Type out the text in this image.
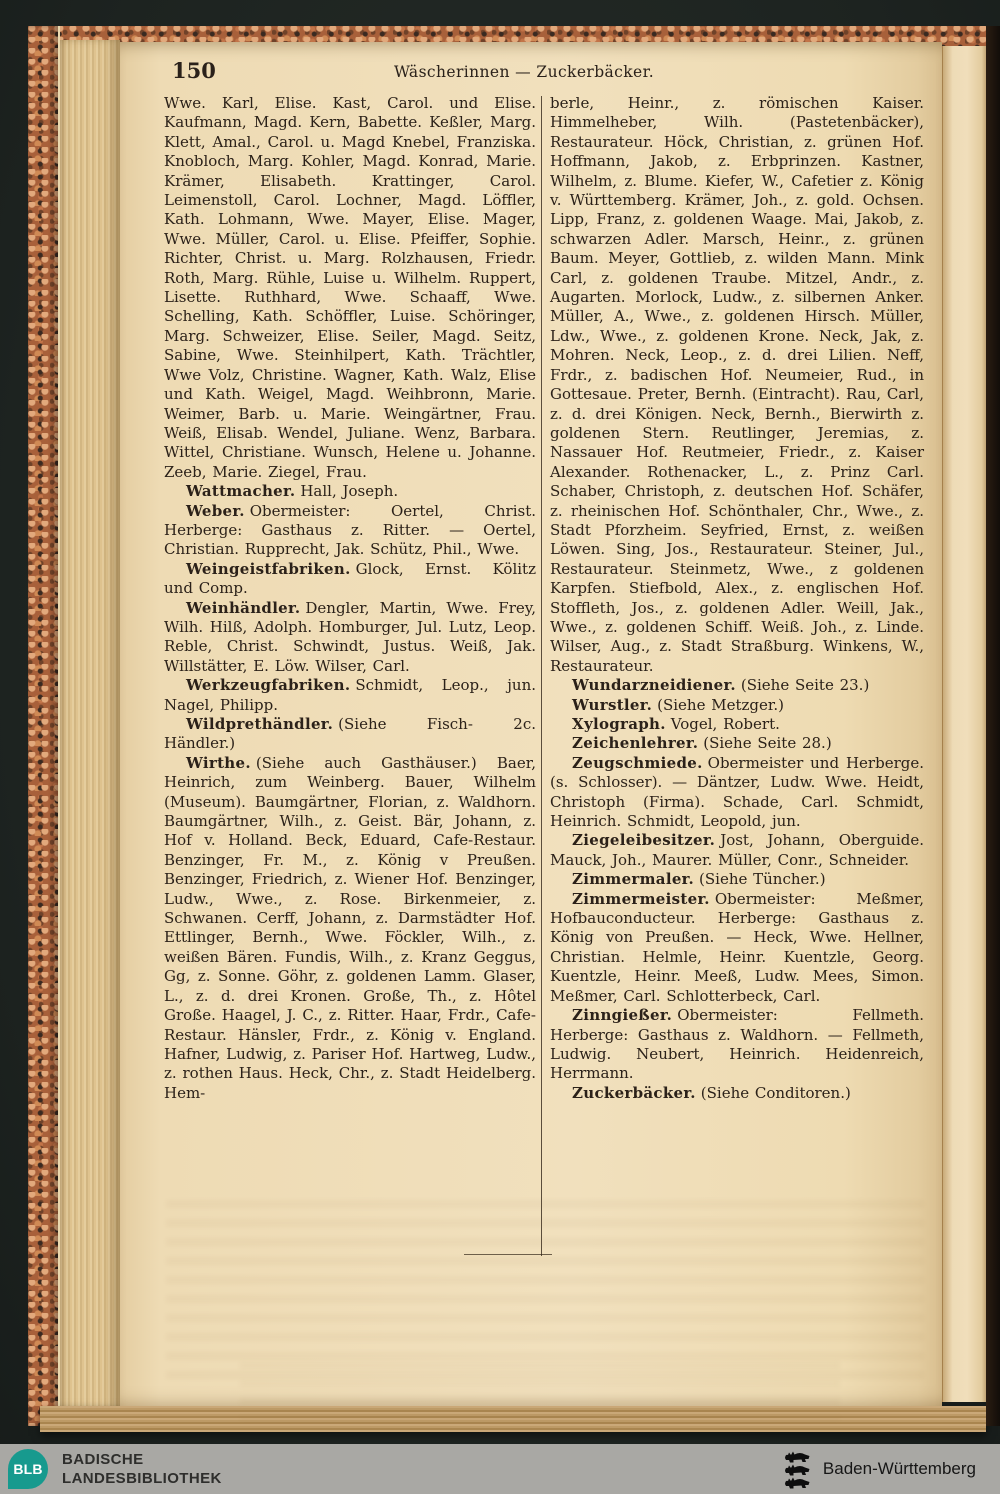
150	Wäscherinnen — Zuckerbäcker.

Wwe. Karl, Elise. Kast, Carol. und Elise. Kaufmann, Magd. Kern, Babette. Keßler, Marg. Klett, Amal., Carol. u. Magd Knebel, Franziska. Knobloch, Marg. Kohler, Magd. Konrad, Marie. Krämer, Elisabeth. Krattinger, Carol. Leimenstoll, Carol. Lochner, Magd. Löffler, Kath. Lohmann, Wwe. Mayer, Elise. Mager, Wwe. Müller, Carol. u. Elise. Pfeiffer, Sophie. Richter, Christ. u. Marg. Rolzhausen, Friedr. Roth, Marg. Rühle, Luise u. Wilhelm. Ruppert, Lisette. Ruthhard, Wwe. Schaaff, Wwe. Schelling, Kath. Schöffler, Luise. Schöringer, Marg. Schweizer, Elise. Seiler, Magd. Seitz, Sabine, Wwe. Steinhilpert, Kath. Trächtler, Wwe Volz, Christine. Wagner, Kath. Walz, Elise und Kath. Weigel, Magd. Weihbronn, Marie. Weimer, Barb. u. Marie. Weingärtner, Frau. Weiß, Elisab. Wendel, Juliane. Wenz, Barbara. Wittel, Christiane. Wunsch, Helene u. Johanne. Zeeb, Marie. Ziegel, Frau.

Wattmacher. Hall, Joseph.

Weber. Obermeister: Oertel, Christ. Herberge: Gasthaus z. Ritter. — Oertel, Christian. Rupprecht, Jak. Schütz, Phil., Wwe.

Weingeistfabriken. Glock, Ernst. Kölitz und Comp.

Weinhändler. Dengler, Martin, Wwe. Frey, Wilh. Hilß, Adolph. Homburger, Jul. Lutz, Leop. Reble, Christ. Schwindt, Justus. Weiß, Jak. Willstätter, E. Löw. Wilser, Carl.

Werkzeugfabriken. Schmidt, Leop., jun. Nagel, Philipp.

Wildprethändler. (Siehe Fisch- 2c. Händler.)

Wirthe. (Siehe auch Gasthäuser.) Baer, Heinrich, zum Weinberg. Bauer, Wilhelm (Museum). Baumgärtner, Florian, z. Waldhorn. Baumgärtner, Wilh., z. Geist. Bär, Johann, z. Hof v. Holland. Beck, Eduard, Cafe-Restaur. Benzinger, Fr. M., z. König v Preußen. Benzinger, Friedrich, z. Wiener Hof. Benzinger, Ludw., Wwe., z. Rose. Birkenmeier, z. Schwanen. Cerff, Johann, z. Darmstädter Hof. Ettlinger, Bernh., Wwe. Föckler, Wilh., z. weißen Bären. Fundis, Wilh., z. Kranz Geggus, Gg, z. Sonne. Göhr, z. goldenen Lamm. Glaser, L., z. d. drei Kronen. Große, Th., z. Hôtel Große. Haagel, J. C., z. Ritter. Haar, Frdr., Cafe-Restaur. Hänsler, Frdr., z. König v. England. Hafner, Ludwig, z. Pariser Hof. Hartweg, Ludw., z. rothen Haus. Heck, Chr., z. Stadt Heidelberg. Hem-

berle, Heinr., z. römischen Kaiser. Himmelheber, Wilh. (Pastetenbäcker), Restaurateur. Höck, Christian, z. grünen Hof. Hoffmann, Jakob, z. Erbprinzen. Kastner, Wilhelm, z. Blume. Kiefer, W., Cafetier z. König v. Württemberg. Krämer, Joh., z. gold. Ochsen. Lipp, Franz, z. goldenen Waage. Mai, Jakob, z. schwarzen Adler. Marsch, Heinr., z. grünen Baum. Meyer, Gottlieb, z. wilden Mann. Mink Carl, z. goldenen Traube. Mitzel, Andr., z. Augarten. Morlock, Ludw., z. silbernen Anker. Müller, A., Wwe., z. goldenen Hirsch. Müller, Ldw., Wwe., z. goldenen Krone. Neck, Jak, z. Mohren. Neck, Leop., z. d. drei Lilien. Neff, Frdr., z. badischen Hof. Neumeier, Rud., in Gottesaue. Preter, Bernh. (Eintracht). Rau, Carl, z. d. drei Königen. Neck, Bernh., Bierwirth z. goldenen Stern. Reutlinger, Jeremias, z. Nassauer Hof. Reutmeier, Friedr., z. Kaiser Alexander. Rothenacker, L., z. Prinz Carl. Schaber, Christoph, z. deutschen Hof. Schäfer, z. rheinischen Hof. Schönthaler, Chr., Wwe., z. Stadt Pforzheim. Seyfried, Ernst, z. weißen Löwen. Sing, Jos., Restaurateur. Steiner, Jul., Restaurateur. Steinmetz, Wwe., z goldenen Karpfen. Stiefbold, Alex., z. englischen Hof. Stoffleth, Jos., z. goldenen Adler. Weill, Jak., Wwe., z. goldenen Schiff. Weiß. Joh., z. Linde. Wilser, Aug., z. Stadt Straßburg. Winkens, W., Restaurateur.

Wundarzneidiener. (Siehe Seite 23.)

Wurstler. (Siehe Metzger.)

Xylograph. Vogel, Robert.

Zeichenlehrer. (Siehe Seite 28.)

Zeugschmiede. Obermeister und Herberge. (s. Schlosser). — Däntzer, Ludw. Wwe. Heidt, Christoph (Firma). Schade, Carl. Schmidt, Heinrich. Schmidt, Leopold, jun.

Ziegeleibesitzer. Jost, Johann, Oberguide. Mauck, Joh., Maurer. Müller, Conr., Schneider.

Zimmermaler. (Siehe Tüncher.)

Zimmermeister. Obermeister: Meßmer, Hofbauconducteur. Herberge: Gasthaus z. König von Preußen. — Heck, Wwe. Hellner, Christian. Helmle, Heinr. Kuentzle, Georg. Kuentzle, Heinr. Meeß, Ludw. Mees, Simon. Meßmer, Carl. Schlotterbeck, Carl.

Zinngießer. Obermeister: Fellmeth. Herberge: Gasthaus z. Waldhorn. — Fellmeth, Ludwig. Neubert, Heinrich. Heidenreich, Herrmann.

Zuckerbäcker. (Siehe Conditoren.)

BLB
BADISCHE
LANDESBIBLIOTHEK
Baden-Württemberg
